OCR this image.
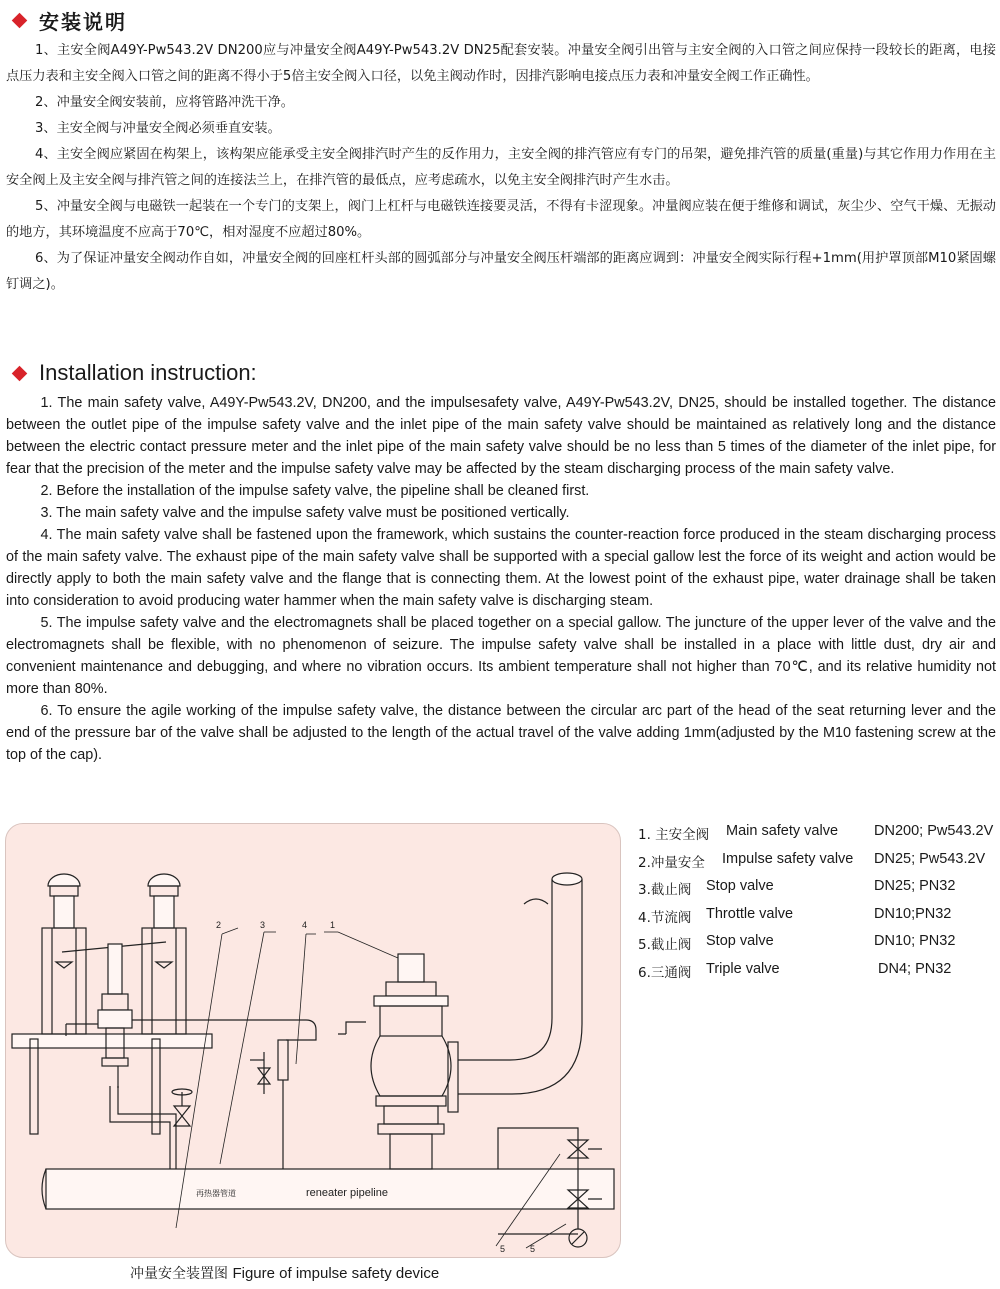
安装说明

1、主安全阀A49Y-Pw543.2V DN200应与冲量安全阀A49Y-Pw543.2V DN25配套安装。冲量安全阀引出管与主安全阀的入口管之间应保持一段较长的距离，电接点压力表和主安全阀入口管之间的距离不得小于5倍主安全阀入口径，以免主阀动作时，因排汽影响电接点压力表和冲量安全阀工作正确性。

2、冲量安全阀安装前，应将管路冲洗干净。

3、主安全阀与冲量安全阀必须垂直安装。

4、主安全阀应紧固在构架上，该构架应能承受主安全阀排汽时产生的反作用力，主安全阀的排汽管应有专门的吊架，避免排汽管的质量(重量)与其它作用力作用在主安全阀上及主安全阀与排汽管之间的连接法兰上，在排汽管的最低点，应考虑疏水，以免主安全阀排汽时产生水击。

5、冲量安全阀与电磁铁一起装在一个专门的支架上，阀门上杠杆与电磁铁连接要灵活，不得有卡涩现象。冲量阀应装在便于维修和调试，灰尘少、空气干燥、无振动的地方，其环境温度不应高于70℃，相对湿度不应超过80%。

6、为了保证冲量安全阀动作自如，冲量安全阀的回座杠杆头部的圆弧部分与冲量安全阀压杆端部的距离应调到：冲量安全阀实际行程+1mm(用护罩顶部M10紧固螺钉调之)。

Installation instruction:

1. The main safety valve, A49Y-Pw543.2V, DN200, and the impulsesafety valve, A49Y-Pw543.2V, DN25, should be installed together. The distance between the outlet pipe of the impulse safety valve and the inlet pipe of the main safety valve should be maintained as relatively long and the distance between the electric contact pressure meter and the inlet pipe of the main safety valve should be no less than 5 times of the diameter of the inlet pipe, for fear that the precision of the meter and the impulse safety valve may be affected by the steam discharging process of the main safety valve.

2. Before the installation of the impulse safety valve, the pipeline shall be cleaned first.

3. The main safety valve and the impulse safety valve must be positioned vertically.

4. The main safety valve shall be fastened upon the framework, which sustains the counter-reaction force produced in the steam discharging process of the main safety valve. The exhaust pipe of the main safety valve shall be supported with a special gallow lest the force of its weight and action would be directly apply to both the main safety valve and the flange that is connecting them. At the lowest point of the exhaust pipe, water drainage shall be taken into consideration to avoid producing water hammer when the main safety valve is discharging steam.

5. The impulse safety valve and the electromagnets shall be placed together on a special gallow. The juncture of the upper lever of the valve and the electromagnets shall be flexible, with no phenomenon of seizure. The impulse safety valve shall be installed in a place with little dust, dry air and convenient maintenance and debugging, and where no vibration occurs. Its ambient temperature shall not higher than 70℃, and its relative humidity not more than 80%.

6. To ensure the agile working of the impulse safety valve, the distance between the circular arc part of the head of the seat returning lever and the end of the pressure bar of the valve shall be adjusted to the length of the actual travel of the valve adding 1mm(adjusted by the M10 fastening screw at the top of the cap).

2	3	4	1
5	5
再热器管道	reneater pipeline
冲量安全装置图 Figure of impulse safety device
1. 主安全阀 Main safety valve DN200; Pw543.2V
2.冲量安全 Impulse safety valve DN25; Pw543.2V
3.截止阀 Stop valve	DN25; PN32
4.节流阀 Throttle valve	DN10;PN32
5.截止阀 Stop valve	DN10; PN32
6.三通阀 Triple valve	DN4; PN32
